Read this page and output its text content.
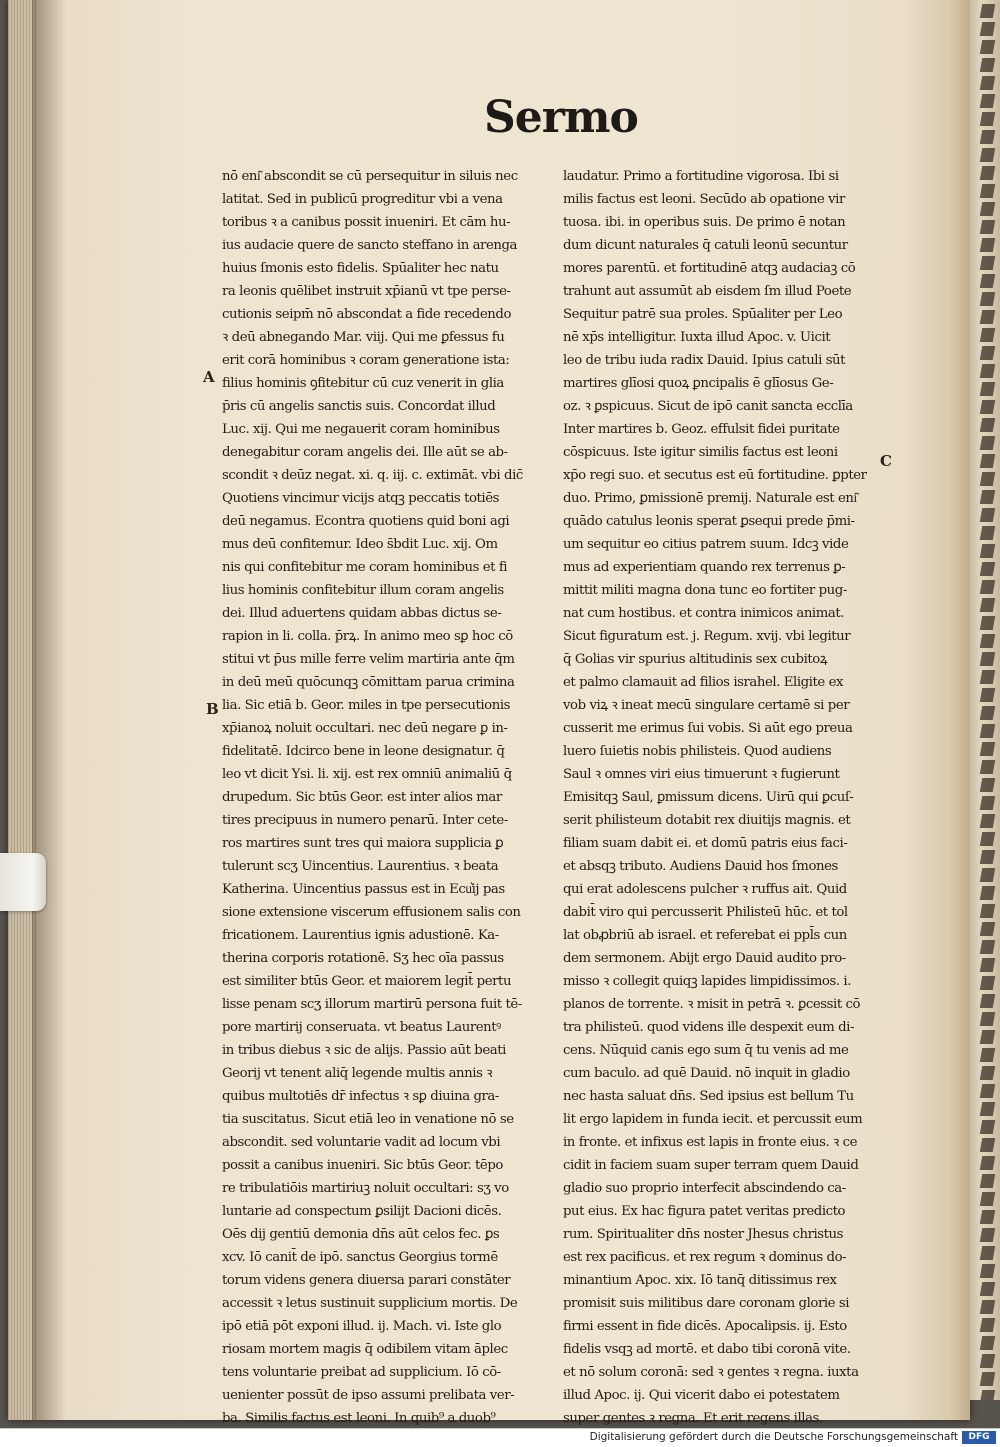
Sermo
nō eni͂ abscondit se cū persequitur in siluis nec
latitat. Sed in publicū progreditur vbi a vena
toribus ꝛ a canibus possit inueniri. Et cām hu-
ius audacie quere de sancto steffano in arenga
huius ſmonis esto fidelis. Spūaliter hec natu
ra leonis quēlibet instruit xp̄ianū vt tpe perse-
cutionis seipm̄ nō abscondat a fide recedendo
ꝛ deū abnegando Mar. viij. Qui me ꝑfessus fu
erit corā hominibus ꝛ coram generatione ista:
filius hominis ꝯfitebitur cū cuz venerit in glia
p̄ris cū angelis sanctis suis. Concordat illud
Luc. xij. Qui me negauerit coram hominibus
denegabitur coram angelis dei. Ille aūt se ab-
scondit ꝛ deūz negat. xi. q. iij. c. extimāt. vbi dic̄
Quotiens vincimur vicijs atqꝫ peccatis totiēs
deū negamus. Econtra quotiens quid boni agi
mus deū confitemur. Ideo s̄bdit Luc. xij. Om
nis qui confitebitur me coram hominibus et fi
lius hominis confitebitur illum coram angelis
dei. Illud aduertens quidam abbas dictus se-
rapion in li. colla. p̄rꝝ. In animo meo sꝑ hoc cō
stitui vt p̄us mille ferre velim martiria ante q̄m
in deū meū quōcunqꝫ cōmittam parua crimina
lia. Sic etiā b. Geor. miles in tpe persecutionis
xp̄ianoꝝ noluit occultari. nec deū negare ꝑ in-
fidelitatē. Idcirco bene in leone designatur. q̄
leo vt dicit Ysi. li. xij. est rex omniū animaliū q̄
drupedum. Sic btūs Geor. est inter alios mar
tires precipuus in numero penarū. Inter cete-
ros martires sunt tres qui maiora supplicia ꝑ
tulerunt scʒ Uincentius. Laurentius. ꝛ beata
Katherina. Uincentius passus est in Ecu͛ij pas
sione extensione viscerum effusionem salis con
fricationem. Laurentius ignis adustionē. Ka-
therina corporis rotationē. Sʒ hec oīa passus
est similiter btūs Geor. et maiorem legit̄ pertu
lisse penam scʒ illorum martirū persona fuit tē-
pore martirij conseruata. vt beatus Laurentꝰ
in tribus diebus ꝛ sic de alijs. Passio aūt beati
Georij vt tenent aliq̄ legende multis annis ꝛ
quibus multotiēs dr̄ infectus ꝛ sꝑ diuina gra-
tia suscitatus. Sicut etiā leo in venatione nō se
abscondit. sed voluntarie vadit ad locum vbi
possit a canibus inueniri. Sic btūs Geor. tēpo
re tribulatiōis martiriuꝫ noluit occultari: sʒ vo
luntarie ad conspectum ꝑsilijt Dacioni dicēs.
Oēs dij gentiū demonia dn̄s aūt celos fec. ꝑs
xcv. Iō canit̄ de ipō. sanctus Georgius tormē
torum videns genera diuersa parari constāter
accessit ꝛ letus sustinuit supplicium mortis. De
ipō etiā pōt exponi illud. ij. Mach. vi. Iste glo
riosam mortem magis q̄ odibilem vitam āplec
tens voluntarie preibat ad supplicium. Iō cō-
uenienter possūt de ipso assumi prelibata ver-
ba. Similis factus est leoni. In quib⁹ a duob⁹
laudatur. Primo a fortitudine vigorosa. Ibi si
milis factus est leoni. Secūdo ab opatione vir
tuosa. ibi. in operibus suis. De primo ē notan
dum dicunt naturales q̄ catuli leonū secuntur
mores parentū. et fortitudinē atqꝫ audaciaꝫ cō
trahunt aut assumūt ab eisdem ſm illud Poete
Sequitur patrē sua proles. Spūaliter per Leo
nē xp̄s intelligitur. Iuxta illud Apoc. v. Uicit
leo de tribu iuda radix Dauid. Ipius catuli sūt
martires glīosi quoꝝ ꝑncipalis ē glīosus Ge-
oz. ꝛ ꝑspicuus. Sicut de ipō canit sancta ecclīa
Inter martires b. Geoz. effulsit fidei puritate
cōspicuus. Iste igitur similis factus est leoni
xp̄o regi suo. et secutus est eū fortitudine. ꝑpter
duo. Primo, ꝑmissionē premij. Naturale est eni͂
quādo catulus leonis sperat ꝑsequi prede p̄mi-
um sequitur eo citius patrem suum. Idcꝫ vide
mus ad experientiam quando rex terrenus ꝑ-
mittit militi magna dona tunc eo fortiter pug-
nat cum hostibus. et contra inimicos animat.
Sicut figuratum est. j. Regum. xvij. vbi legitur
q̄ Golias vir spurius altitudinis sex cubitoꝝ
et palmo clamauit ad filios israhel. Eligite ex
vob viꝝ ꝛ ineat mecū singulare certamē si per
cusserit me erimus ſui vobis. Si aūt ego preua
luero ſuietis nobis philisteis. Quod audiens
Saul ꝛ omnes viri eius timuerunt ꝛ fugierunt
Emisitqꝫ Saul, ꝑmissum dicens. Uirū qui ꝑcuſ-
serit philisteum dotabit rex diuitijs magnis. et
filiam suam dabit ei. et domū patris eius faci-
et absqꝫ tributo. Audiens Dauid hos ſmones
qui erat adolescens pulcher ꝛ ruffus ait. Quid
dabit̄ viro qui percusserit Philisteū hūc. et tol
lat obꝓbriū ab israel. et referebat ei ppl̄s cun
dem sermonem. Abijt ergo Dauid audito pro-
misso ꝛ collegit quiqꝫ lapides limpidissimos. i.
planos de torrente. ꝛ misit in petrā ꝛ. ꝑcessit cō
tra philisteū. quod videns ille despexit eum di-
cens. Nūquid canis ego sum q̄ tu venis ad me
cum baculo. ad quē Dauid. nō inquit in gladio
nec hasta saluat dn̄s. Sed ipsius est bellum Tu
lit ergo lapidem in funda iecit. et percussit eum
in fronte. et infixus est lapis in fronte eius. ꝛ ce
cidit in faciem suam super terram quem Dauid
gladio suo proprio interfecit abscindendo ca-
put eius. Ex hac figura patet veritas predicto
rum. Spiritualiter dn̄s noster Jhesus christus
est rex pacificus. et rex regum ꝛ dominus do-
minantium Apoc. xix. Iō tanq̄ ditissimus rex
promisit suis militibus dare coronam glorie si
firmi essent in fide dicēs. Apocalipsis. ij. Esto
fidelis vsqꝫ ad mortē. et dabo tibi coronā vite.
et nō solum coronā: sed ꝛ gentes ꝛ regna. iuxta
illud Apoc. ij. Qui vicerit dabo ei potestatem
super gentes ꝛ regna. Et erit regens illas.
A
B
C
Digitalisierung gefördert durch die Deutsche Forschungsgemeinschaft	DFG
